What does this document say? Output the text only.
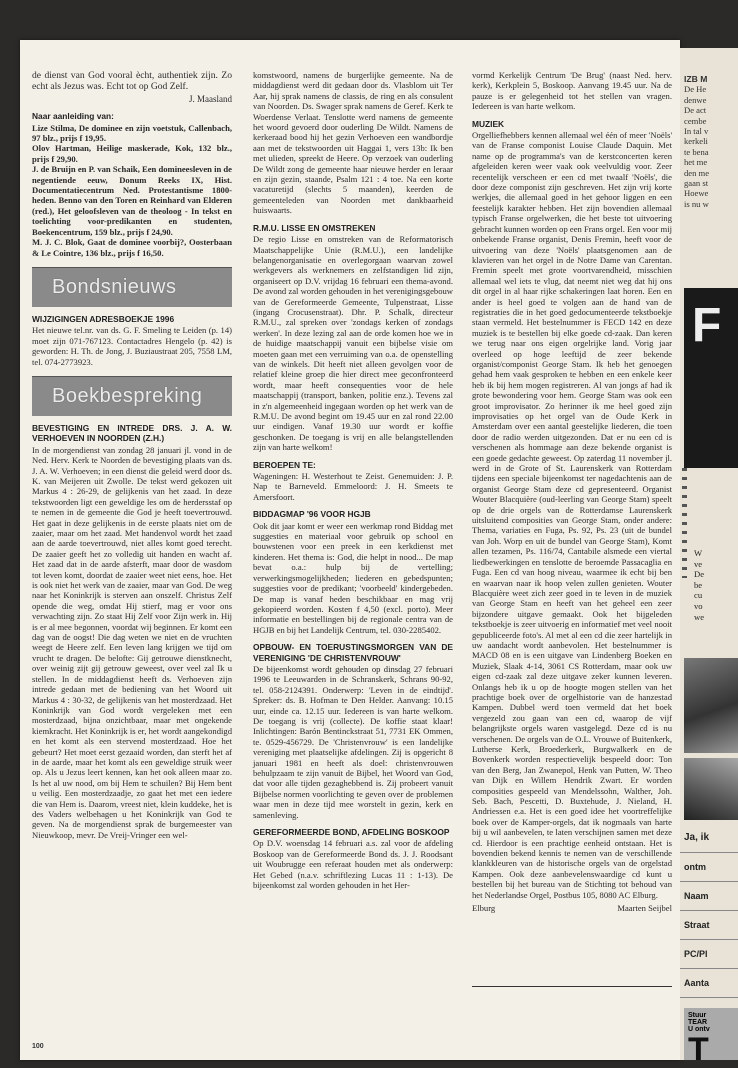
de dienst van God vooral ècht, authentiek zijn. Zo echt als Jezus was. Echt tot op God Zelf.

J. Maasland

Naar aanleiding van:

Lize Stilma, De dominee en zijn voetstuk, Callenbach, 97 blz., prijs f 19,95.

Olov Hartman, Heilige maskerade, Kok, 132 blz., prijs f 29,90.

J. de Bruijn en P. van Schaik, Een domineesleven in de negentiende eeuw, Donum Reeks IX, Hist. Documentatiecentrum Ned. Protestantisme 1800-heden. Benno van den Toren en Reinhard van Elderen (red.), Het geloofsleven van de theoloog - In tekst en toelichting voor-predikanten en studenten, Boekencentrum, 159 blz., prijs f 24,90.

M. J. C. Blok, Gaat de dominee voorbij?, Oosterbaan & Le Cointre, 136 blz., prijs f 16,50.

Bondsnieuws
WIJZIGINGEN ADRESBOEKJE 1996

Het nieuwe tel.nr. van ds. G. F. Smeling te Leiden (p. 14) moet zijn 071-767123. Contactadres Hengelo (p. 42) is geworden: H. Th. de Jong, J. Buziaustraat 205, 7558 LM, tel. 074-2773923.

Boekbespreking
BEVESTIGING EN INTREDE DRS. J. A. W. VERHOEVEN IN NOORDEN (Z.H.)

In de morgendienst van zondag 28 januari jl. vond in de Ned. Herv. Kerk te Noorden de bevestiging plaats van ds. J. A. W. Verhoeven; in een dienst die geleid werd door ds. K. van Meijeren uit Zwolle. De tekst werd gekozen uit Markus 4 : 26-29, de gelijkenis van het zaad. In deze tekstwoorden ligt een geweldige les om de herdersstaf op te nemen in de gemeente die God je heeft toevertrouwd. Het gaat in deze gelijkenis in de eerste plaats niet om de zaaier, maar om het zaad. Met handenvol wordt het zaad aan de aarde toevertrouwd, niet alles komt goed terecht. De zaaier geeft het zo volledig uit handen en wacht af. Het zaad dat in de aarde afsterft, maar door de wasdom tot leven komt, doordat de zaaier weet niet eens, hoe. Het is ook niet het werk van de zaaier, maar van God. De weg naar het Koninkrijk is sterven aan onszelf. Christus Zelf opende die weg, omdat Hij stierf, mag er voor ons verwachting zijn. Zo staat Hij Zelf voor Zijn werk in. Hij is er al mee begonnen, voordat wij beginnen. Er komt een dag van de oogst! Die dag weten we niet en de vruchten weegt de Heere zelf. Een leven lang krijgen we tijd om vrucht te dragen. De belofte: Gij getrouwe dienstknecht, over weinig zijt gij getrouw geweest, over veel zal Ik u stellen. In de middagdienst heeft ds. Verhoeven zijn intrede gedaan met de bediening van het Woord uit Markus 4 : 30-32, de gelijkenis van het mosterdzaad. Het Koninkrijk van God wordt vergeleken met een mosterdzaad, bijna onzichtbaar, maar met ongekende kiemkracht. Het Koninkrijk is er, het wordt aangekondigd en het komt als een stervend mosterdzaad. Hoe het gebeurt? Het moet eerst gezaaid worden, dan sterft het af in de aarde, maar het komt als een geweldige struik weer op. Als u Jezus leert kennen, kan het ook alleen maar zo. Is het al uw nood, om bij Hem te schuilen? Bij Hem bent u veilig. Een mosterdzaadje, zo gaat het met een iedere die van Hem is. Daarom, vreest niet, klein kuddeke, het is des Vaders welbehagen u het Koninkrijk van God te geven. Na de morgendienst sprak de burgemeester van Nieuwkoop, mevr. De Vreij-Vringer een wel-

komstwoord, namens de burgerlijke gemeente. Na de middagdienst werd dit gedaan door ds. Vlasblom uit Ter Aar, hij sprak namens de classis, de ring en als consulent van Noorden. Ds. Swager sprak namens de Geref. Kerk te Woerdense Verlaat. Tenslotte werd namens de gemeente het woord gevoerd door ouderling De Wildt. Namens de kerkeraad bood hij het gezin Verhoeven een wandbordje aan met de tekstwoorden uit Haggai 1, vers 13b: Ik ben met ulieden, spreekt de Heere. Op verzoek van ouderling De Wildt zong de gemeente haar nieuwe herder en leraar en zijn gezin, staande, Psalm 121 : 4 toe. Na een korte vacaturetijd (slechts 5 maanden), keerden de gemeenteleden van Noorden met dankbaarheid huiswaarts.

R.M.U. LISSE EN OMSTREKEN

De regio Lisse en omstreken van de Reformatorisch Maatschappelijke Unie (R.M.U.), een landelijke belangenorganisatie en overlegorgaan waarvan zowel werkgevers als werknemers en zelfstandigen lid zijn, organiseert op D.V. vrijdag 16 februari een thema-avond. De avond zal worden gehouden in het verenigingsgebouw van de Gereformeerde Gemeente, Tulpenstraat, Lisse (ingang Crocusenstraat). Dhr. P. Schalk, directeur R.M.U., zal spreken over 'zondags kerken of zondags werken'. In deze lezing zal aan de orde komen hoe we in de huidige maatschappij vanuit een bijbelse visie om moeten gaan met een verruiming van o.a. de openstelling van de winkels. Dit heeft niet alleen gevolgen voor de relatief kleine groep die hier direct mee geconfronteerd wordt, maar heeft consequenties voor de hele maatschappij (transport, banken, politie enz.). Tevens zal in z'n algemeenheid ingegaan worden op het werk van de R.M.U. De avond begint om 19.45 uur en zal rond 22.00 uur eindigen. Vanaf 19.30 uur wordt er koffie geschonken. De toegang is vrij en alle belangstellenden zijn van harte welkom!

BEROEPEN TE:

Wageningen: H. Westerhout te Zeist. Genemuiden: J. P. Nap te Barneveld. Emmeloord: J. H. Smeets te Amersfoort.

BIDDAGMAP '96 VOOR HGJB

Ook dit jaar komt er weer een werkmap rond Biddag met suggesties en materiaal voor gebruik op school en bouwstenen voor een preek in een kerkdienst met kinderen. Het thema is: God, die helpt in nood... De map bevat o.a.: hulp bij de vertelling; verwerkingsmogelijkheden; liederen en gebedspunten; suggesties voor de predikant; 'voorbeeld' kindergebeden. De map is vanaf heden beschikbaar en mag vrij gekopieerd worden. Kosten f 4,50 (excl. porto). Meer informatie en bestellingen bij de regionale centra van de HGJB en bij het Landelijk Centrum, tel. 030-2285402.

OPBOUW- EN TOERUSTINGSMORGEN VAN DE VERENIGING 'DE CHRISTENVROUW'

De bijeenkomst wordt gehouden op dinsdag 27 februari 1996 te Leeuwarden in de Schranskerk, Schrans 90-92, tel. 058-2124391. Onderwerp: 'Leven in de eindtijd'. Spreker: ds. B. Hofman te Den Helder. Aanvang: 10.15 uur, einde ca. 12.15 uur. Iedereen is van harte welkom. De toegang is vrij (collecte). De koffie staat klaar! Inlichtingen: Barón Bentinckstraat 51, 7731 EK Ommen, te. 0529-456729. De 'Christenvrouw' is een landelijke vereniging met plaatselijke afdelingen. Zij is opgericht 8 januari 1981 en heeft als doel: christenvrouwen behulpzaam te zijn vanuit de Bijbel, het Woord van God, dat voor alle tijden gezaghebbend is. Zij probeert vanuit Bijbelse normen voorlichting te geven over de problemen waar men in deze tijd mee worstelt in gezin, kerk en samenleving.

GEREFORMEERDE BOND, AFDELING BOSKOOP

Op D.V. woensdag 14 februari a.s. zal voor de afdeling Boskoop van de Gereformeerde Bond ds. J. J. Roodsant uit Woubrugge een referaat houden met als onderwerp: Het Gebed (n.a.v. schriftlezing Lucas 11 : 1-13). De bijeenkomst zal worden gehouden in het Her-

vormd Kerkelijk Centrum 'De Brug' (naast Ned. herv. kerk), Kerkplein 5, Boskoop. Aanvang 19.45 uur. Na de pauze is er gelegenheid tot het stellen van vragen. Iedereen is van harte welkom.

MUZIEK

Orgelliefhebbers kennen allemaal wel één of meer 'Noëls' van de Franse componist Louise Claude Daquin. Met name op de programma's van de kerstconcerten keren afgeleiden keren weer vaak ook veelvuldig voor. Zeer recentelijk verscheen er een cd met twaalf 'Noëls', die door deze componist zijn geschreven. Het zijn vrij korte werkjes, die allemaal goed in het gehoor liggen en een feestelijk karakter hebben. Het zijn bovendien allemaal typisch Franse orgelwerken, die het beste tot uitvoering gebracht kunnen worden op een Frans orgel. Een voor mij onbekende Franse organist, Denis Fremin, heeft voor de uitvoering van deze 'Noëls' plaatsgenomen aan de klavieren van het orgel in de Notre Dame van Carentan. Fremin speelt met grote voortvarendheid, misschien allemaal wel iets te vlug, dat neemt niet weg dat hij ons dit orgel in al haar rijke schakeringen laat horen. Een en ander is heel goed te volgen aan de hand van de registraties die in het goed gedocumenteerde tekstboekje staan vermeld. Het bestelnummer is FECD 142 en deze muziek is te bestellen bij elke goede cd-zaak. Dan keren we terug naar ons eigen orgelrijke land. Vorig jaar overleed op hoge leeftijd de zeer bekende organist/componist George Stam. Ik heb het genoegen gehad hem vaak gesproken te hebben en een enkele keer heb ik bij hem mogen registreren. Al van jongs af had ik grote bewondering voor hem. George Stam was ook een groot improvisator. Zo herinner ik me heel goed zijn improvisaties op het orgel van de Oude Kerk in Amsterdam over een aantal geestelijke liederen, die toen door de radio werden uitgezonden. Dat er nu een cd is verschenen als hommage aan deze bekende organist is een goede gedachte geweest. Op zaterdag 11 november jl. werd in de Grote of St. Laurenskerk van Rotterdam tijdens een speciale bijeenkomst ter nagedachtenis aan de organist George Stam deze cd gepresenteerd. Organist Wouter Blacquière (oud-leerling van George Stam) speelt op de drie orgels van de Rotterdamse Laurenskerk uitsluitend composities van George Stam, onder andere: Thema, variaties en Fuga, Ps. 92, Ps. 23 (uit de bundel van Joh. Worp en uit de bundel van George Stam), Komt allen tezamen, Ps. 116/74, Cantabile alsmede een viertal liedbewerkingen en tenslotte de beroemde Passacaglia en Fuga. Een cd van hoog niveau, waarmee ik echt bij ben en waarvan naar ik hoop velen zullen genieten. Wouter Blacquière weet zich zeer goed in te leven in de muziek van George Stam en heeft van het geheel een zeer bijzondere uitgave gemaakt. Ook het bijgeleden tekstboekje is zeer uitvoerig en informatief met veel nooit gepubliceerde foto's. Al met al een cd die zeer hartelijk in uw aandacht wordt aanbevolen. Het bestelnummer is MACD 08 en is een uitgave van Lindenberg Boeken en Muziek, Slaak 4-14, 3061 CS Rotterdam, maar ook uw eigen cd-zaak zal deze uitgave zeker kunnen leveren. Onlangs heb ik u op de hoogte mogen stellen van het prachtige boek over de orgelhistorie van de hanzestad Kampen. Dubbel werd toen vermeld dat het boek vergezeld zou gaan van een cd, waarop de vijf belangrijkste orgels waren vastgelegd. Deze cd is nu verschenen. De orgels van de O.L. Vrouwe of Buitenkerk, Lutherse Kerk, Broederkerk, Burgwalkerk en de Bovenkerk worden respectievelijk bespeeld door: Ton van den Berg, Jan Zwanepol, Henk van Putten, W. Theo van Dijk en Willem Hendrik Zwart. Er worden composities gespeeld van Mendelssohn, Walther, Joh. Seb. Bach, Pescetti, D. Buxtehude, J. Nieland, H. Andriessen e.a. Het is een goed idee het voortreffelijke boek over de Kamper-orgels, dat ik nogmaals van harte bij u wil aanbevelen, te laten verschijnen samen met deze cd. Hierdoor is een prachtige eenheid ontstaan. Het is bovendien bekend kennis te nemen van de verschillende klankkleuren van de historische orgels van de orgelstad Kampen. Ook deze aanbevelenswaardige cd kunt u bestellen bij het bureau van de Stichting tot behoud van het Nederlandse Orgel, Postbus 105, 8080 AC Elburg.

Elburg	Maarten Seijbel
100
IZB M
De He
denwe
De act
cembe
In tal v
kerkeli
te bena
het me
den me
gaan st
Hoewe
is nu w
F
W
ve
De
be
cu
vo
we
Ja, ik
ontm
Naam
Straat
PC/Pl
Aanta
Stuur
TEAR
U ontv
T
